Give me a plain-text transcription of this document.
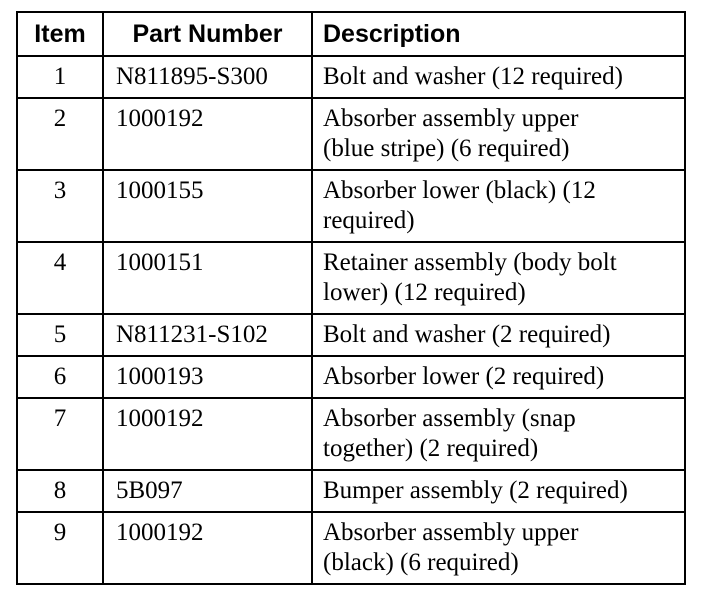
Item	Part Number	Description
1	N811895-S300	Bolt and washer (12 required)

2	1000192	Absorber assembly upper
(blue stripe) (6 required)

3	1000155	Absorber lower (black) (12
required)

4	1000151	Retainer assembly (body bolt
lower) (12 required)

5	N811231-S102	Bolt and washer (2 required)

6	1000193	Absorber lower (2 required)

7	1000192	Absorber assembly (snap
together) (2 required)

8	5B097	Bumper assembly (2 required)

9	1000192	Absorber assembly upper
(black) (6 required)
